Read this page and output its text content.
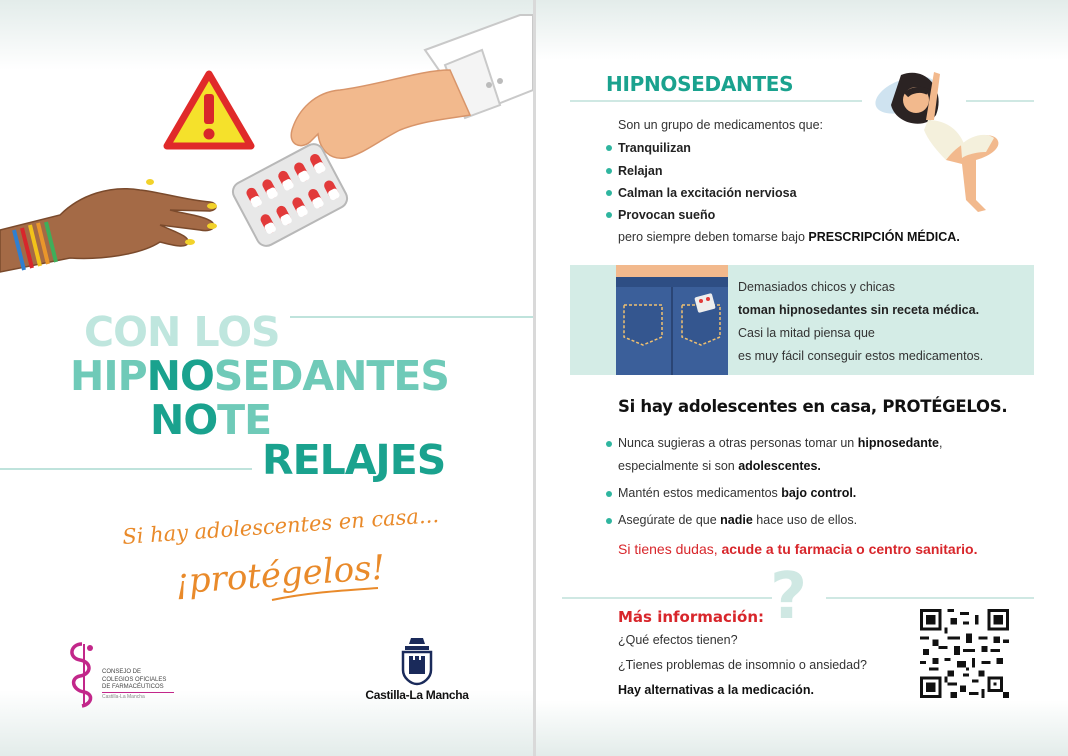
CON LOS
HIPNOSEDANTES
NOTE
RELAJES
Si hay adolescentes en casa...
¡protégelos!
CONSEJO DE
COLEGIOS OFICIALES
DE FARMACÉUTICOS
Castilla-La Mancha	Castilla-La Mancha
HIPNOSEDANTES
Son un grupo de medicamentos que:
Tranquilizan
Relajan
Calman la excitación nerviosa
Provocan sueño
pero siempre deben tomarse bajo PRESCRIPCIÓN MÉDICA.
Demasiados chicos y chicas
toman hipnosedantes sin receta médica.
Casi la mitad piensa que
es muy fácil conseguir estos medicamentos.
Si hay adolescentes en casa, PROTÉGELOS.
Nunca sugieras a otras personas tomar un hipnosedante,
especialmente si son adolescentes.
Mantén estos medicamentos bajo control.
Asegúrate de que nadie hace uso de ellos.
Si tienes dudas, acude a tu farmacia o centro sanitario.
?
Más información:
¿Qué efectos tienen?
¿Tienes problemas de insomnio o ansiedad?
Hay alternativas a la medicación.
